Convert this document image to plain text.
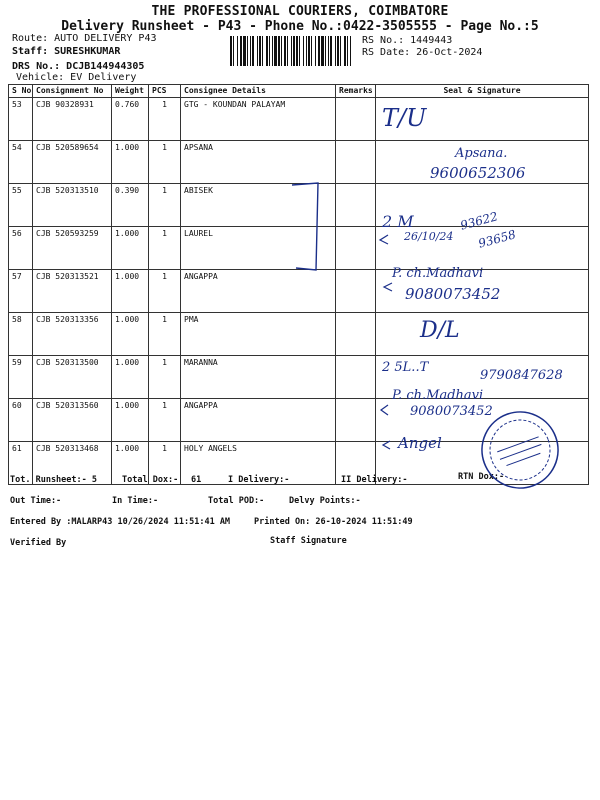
THE PROFESSIONAL COURIERS, COIMBATORE
Delivery Runsheet - P43 - Phone No.:0422-3505555 - Page No.:5
Route: AUTO DELIVERY P43
Staff: SURESHKUMAR
DRS No.: DCJB144944305
Vehicle: EV Delivery
RS No.: 1449443
RS Date: 26-Oct-2024
S No	Consignment No	Weight	PCS	Consignee Details	Remarks	Seal & Signature
53	CJB 90328931	0.760	1	GTG - KOUNDAN PALAYAM		
54	CJB 520589654	1.000	1	APSANA		
55	CJB 520313510	0.390	1	ABISEK		
56	CJB 520593259	1.000	1	LAUREL		
57	CJB 520313521	1.000	1	ANGAPPA		
58	CJB 520313356	1.000	1	PMA		
59	CJB 520313500	1.000	1	MARANNA		
60	CJB 520313560	1.000	1	ANGAPPA		
61	CJB 520313468	1.000	1	HOLY ANGELS		
Tot. Runsheet:- 5	Total Dox:- 61	I Delivery:-	II Delivery:-	RTN Dox:-
Out Time:-	In Time:-	Total POD:-	Delvy Points:-
Entered By :MALARP43 10/26/2024 11:51:41 AM	Printed On: 26-10-2024 11:51:49
Verified By	Staff Signature
T/U
Apsana.
9600652306
2 M
26/10/24
93622
93658
P. ch.Madhavi
9080073452
D/L
2 5L..T
9790847628
P. ch.Madhavi
9080073452
Angel
